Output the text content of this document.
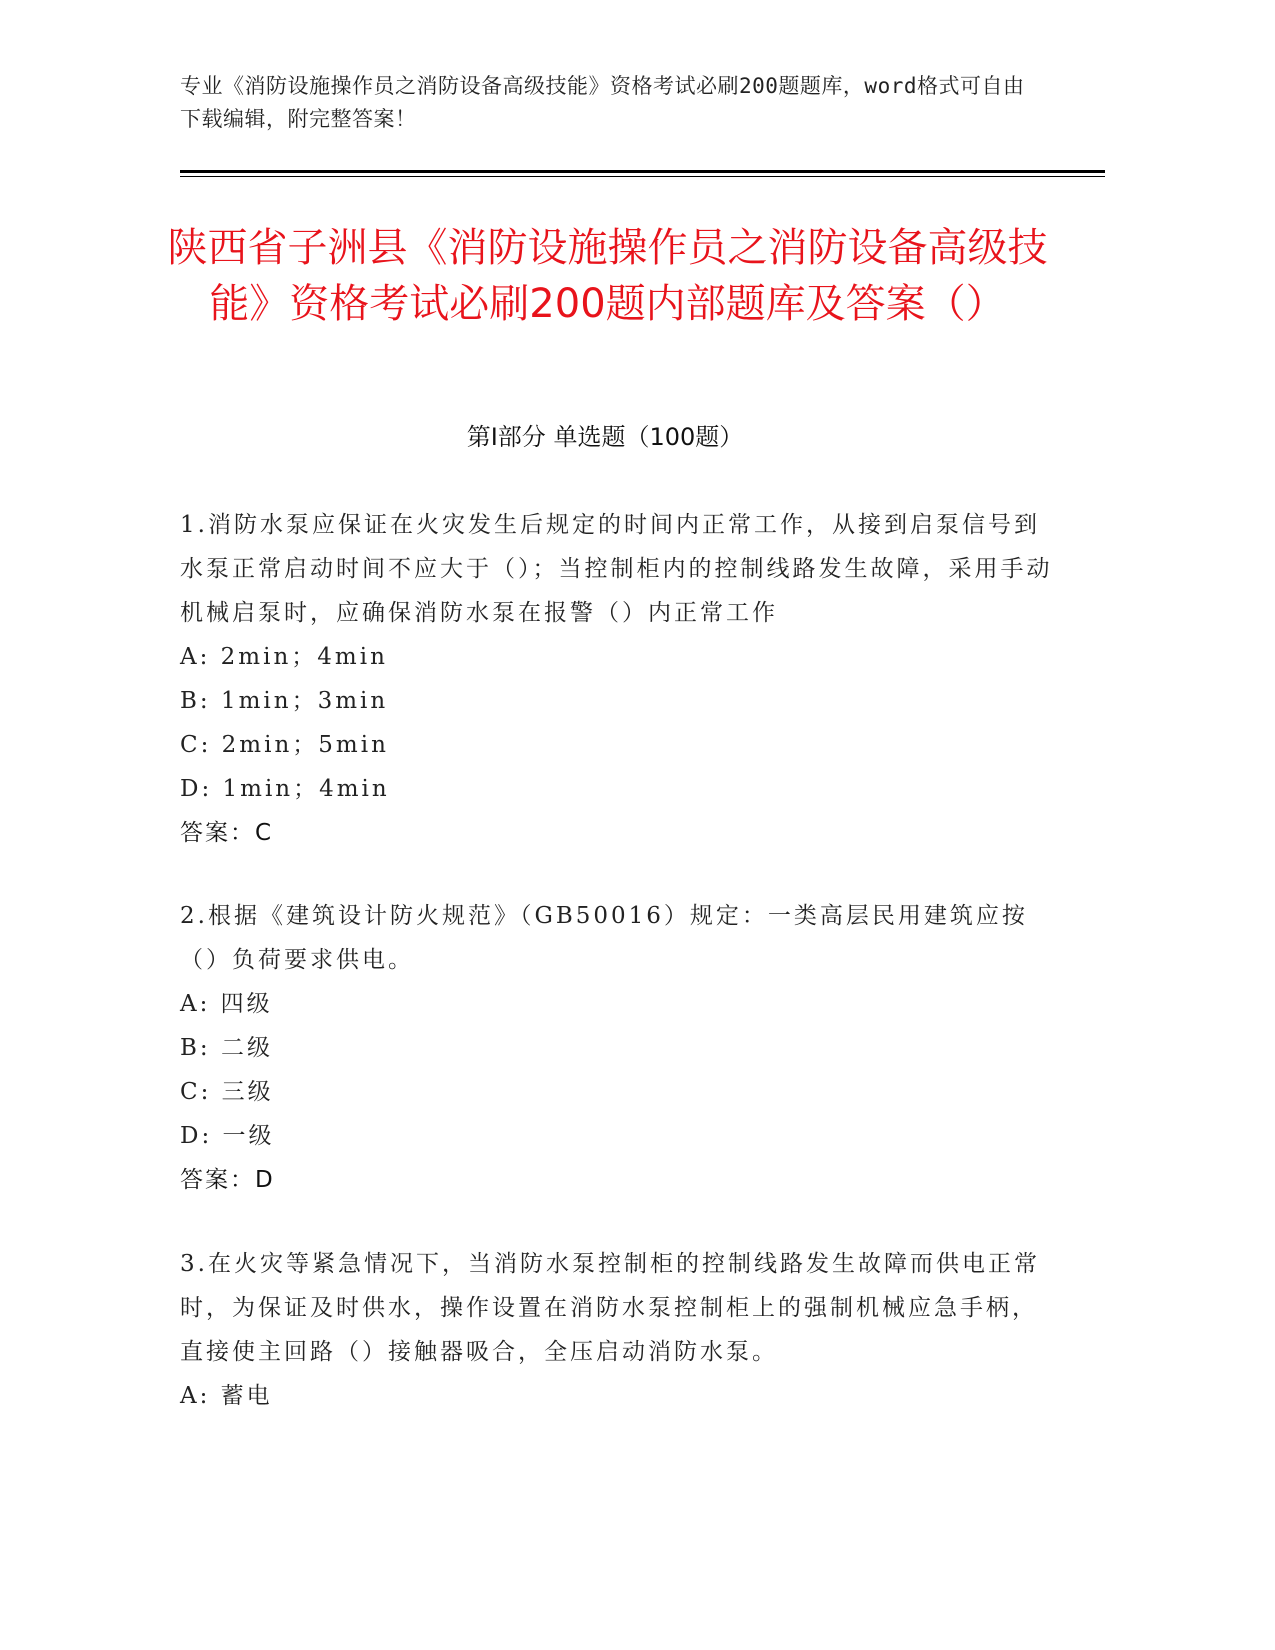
专业《消防设施操作员之消防设备高级技能》资格考试必刷200题题库，word格式可自由下载编辑，附完整答案！
陕西省子洲县《消防设施操作员之消防设备高级技能》资格考试必刷200题内部题库及答案（）
第I部分 单选题（100题）

1.消防水泵应保证在火灾发生后规定的时间内正常工作，从接到启泵信号到水泵正常启动时间不应大于（）；当控制柜内的控制线路发生故障，采用手动机械启泵时，应确保消防水泵在报警（）内正常工作

A: 2min；4min

B: 1min；3min

C: 2min；5min

D: 1min；4min

答案：C

2.根据《建筑设计防火规范》（GB50016）规定：一类高层民用建筑应按（）负荷要求供电。

A: 四级

B: 二级

C: 三级

D: 一级

答案：D

3.在火灾等紧急情况下，当消防水泵控制柜的控制线路发生故障而供电正常时，为保证及时供水，操作设置在消防水泵控制柜上的强制机械应急手柄，直接使主回路（）接触器吸合，全压启动消防水泵。

A: 蓄电
